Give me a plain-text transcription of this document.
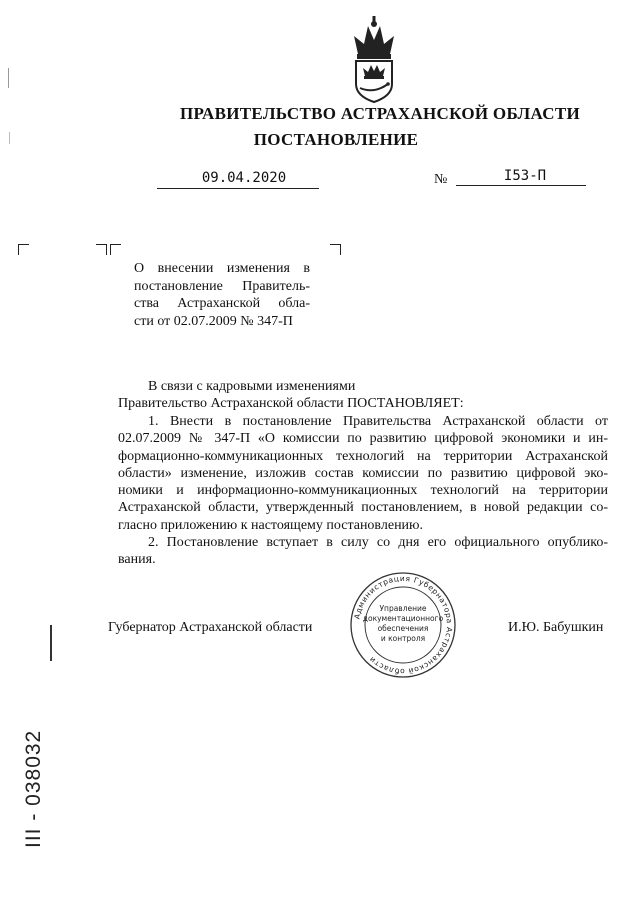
ПРАВИТЕЛЬСТВО АСТРАХАНСКОЙ ОБЛАСТИ
ПОСТАНОВЛЕНИЕ
09.04.2020	№	I53-П
О внесении изменения в
постановление Правитель-
ства Астраханской обла-
сти от 02.07.2009 № 347-П
В связи с кадровыми изменениями
Правительство Астраханской области ПОСТАНОВЛЯЕТ:
1. Внести в постановление Правительства Астраханской области от
02.07.2009 № 347-П «О комиссии по развитию цифровой экономики и ин-
формационно-коммуникационных технологий на территории Астраханской
области» изменение, изложив состав комиссии по развитию цифровой эко-
номики и информационно-коммуникационных технологий на территории
Астраханской области, утвержденный постановлением, в новой редакции со-
гласно приложению к настоящему постановлению.
2. Постановление вступает в силу со дня его официального опублико-
вания.
Губернатор Астраханской области	И.Ю. Бабушкин
Администрация Губернатора Астраханской области
Управление
документационного
обеспечения
и контроля
III - 038032
